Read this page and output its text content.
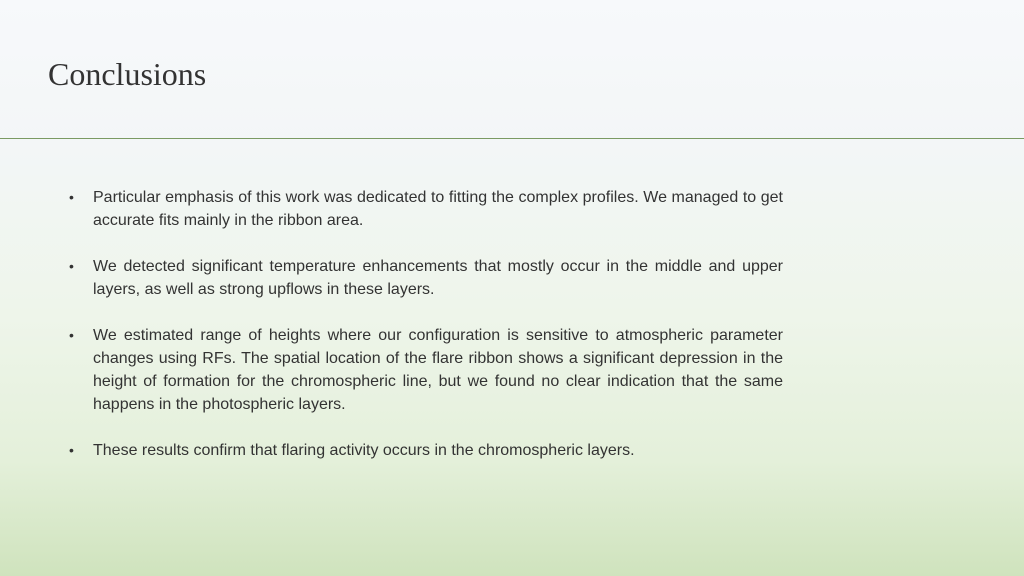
Conclusions
•	Particular emphasis of this work was dedicated to fitting the complex profiles. We managed to get accurate fits mainly in the ribbon area.
•	We detected significant temperature enhancements that mostly occur in the middle and upper layers, as well as strong upflows in these layers.
•	We estimated range of heights where our configuration is sensitive to atmospheric parameter changes using RFs. The spatial location of the flare ribbon shows a significant depression in the height of formation for the chromospheric line, but we found no clear indication that the same happens in the photospheric layers.
•	These results confirm that flaring activity occurs in the chromospheric layers.
